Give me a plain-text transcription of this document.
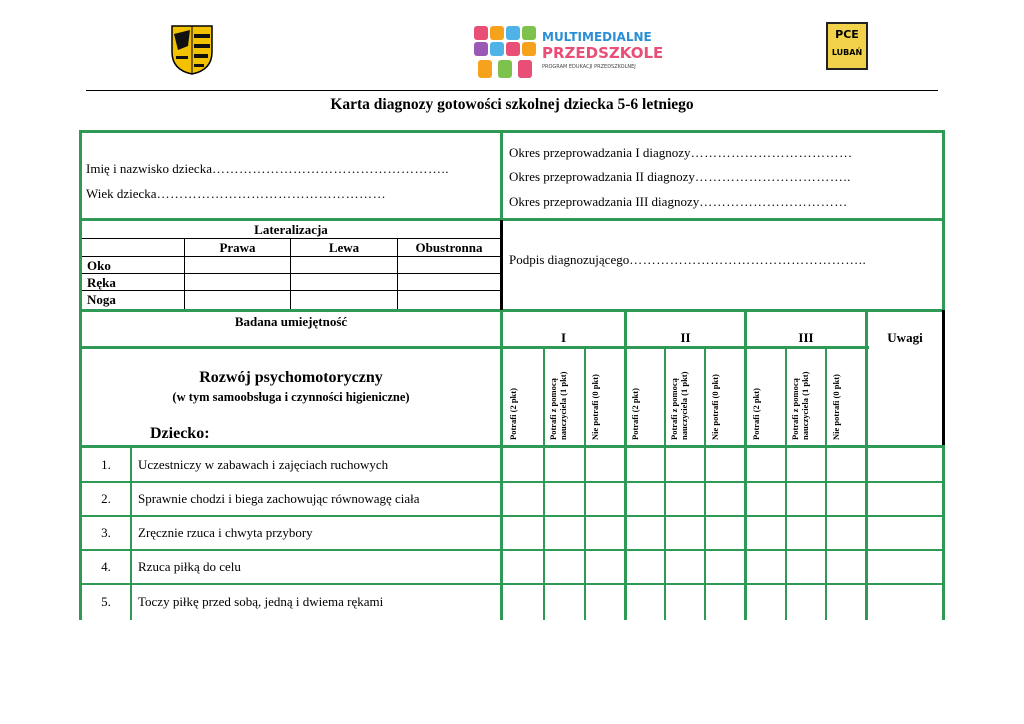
MULTIMEDIALNE
PRZEDSZKOLE
PROGRAM EDUKACJI PRZEDSZKOLNEJ
PCE
LUBAŃ
Karta diagnozy gotowości szkolnej dziecka 5-6 letniego
Imię i nazwisko dziecka……………………………………………..
Wiek dziecka……………………………………………
Okres przeprowadzania I diagnozy………………………………
Okres przeprowadzania II diagnozy……………………………..
Okres przeprowadzania III diagnozy……………………………
Podpis diagnozującego……………………………………………..
Lateralizacja
Prawa	Lewa	Obustronna
Oko
Ręka
Noga
Badana umiejętność
I	II	III	Uwagi
Rozwój psychomotoryczny
(w tym samoobsługa i czynności higieniczne)
Dziecko:	Potrafi (2 pkt)	Potrafi z pomocą nauczyciela (1 pkt)	Nie potrafi (0 pkt)	Potrafi (2 pkt)	Potrafi z pomocą nauczyciela (1 pkt)	Nie potrafi (0 pkt)	Potrafi (2 pkt)	Potrafi z pomocą nauczyciela (1 pkt)	Nie potrafi (0 pkt)
1.	Uczestniczy w zabawach i zajęciach ruchowych
2.	Sprawnie chodzi i biega zachowując równowagę ciała
3.	Zręcznie rzuca i chwyta przybory
4.	Rzuca piłką do celu
5.	Toczy piłkę przed sobą, jedną i dwiema rękami
